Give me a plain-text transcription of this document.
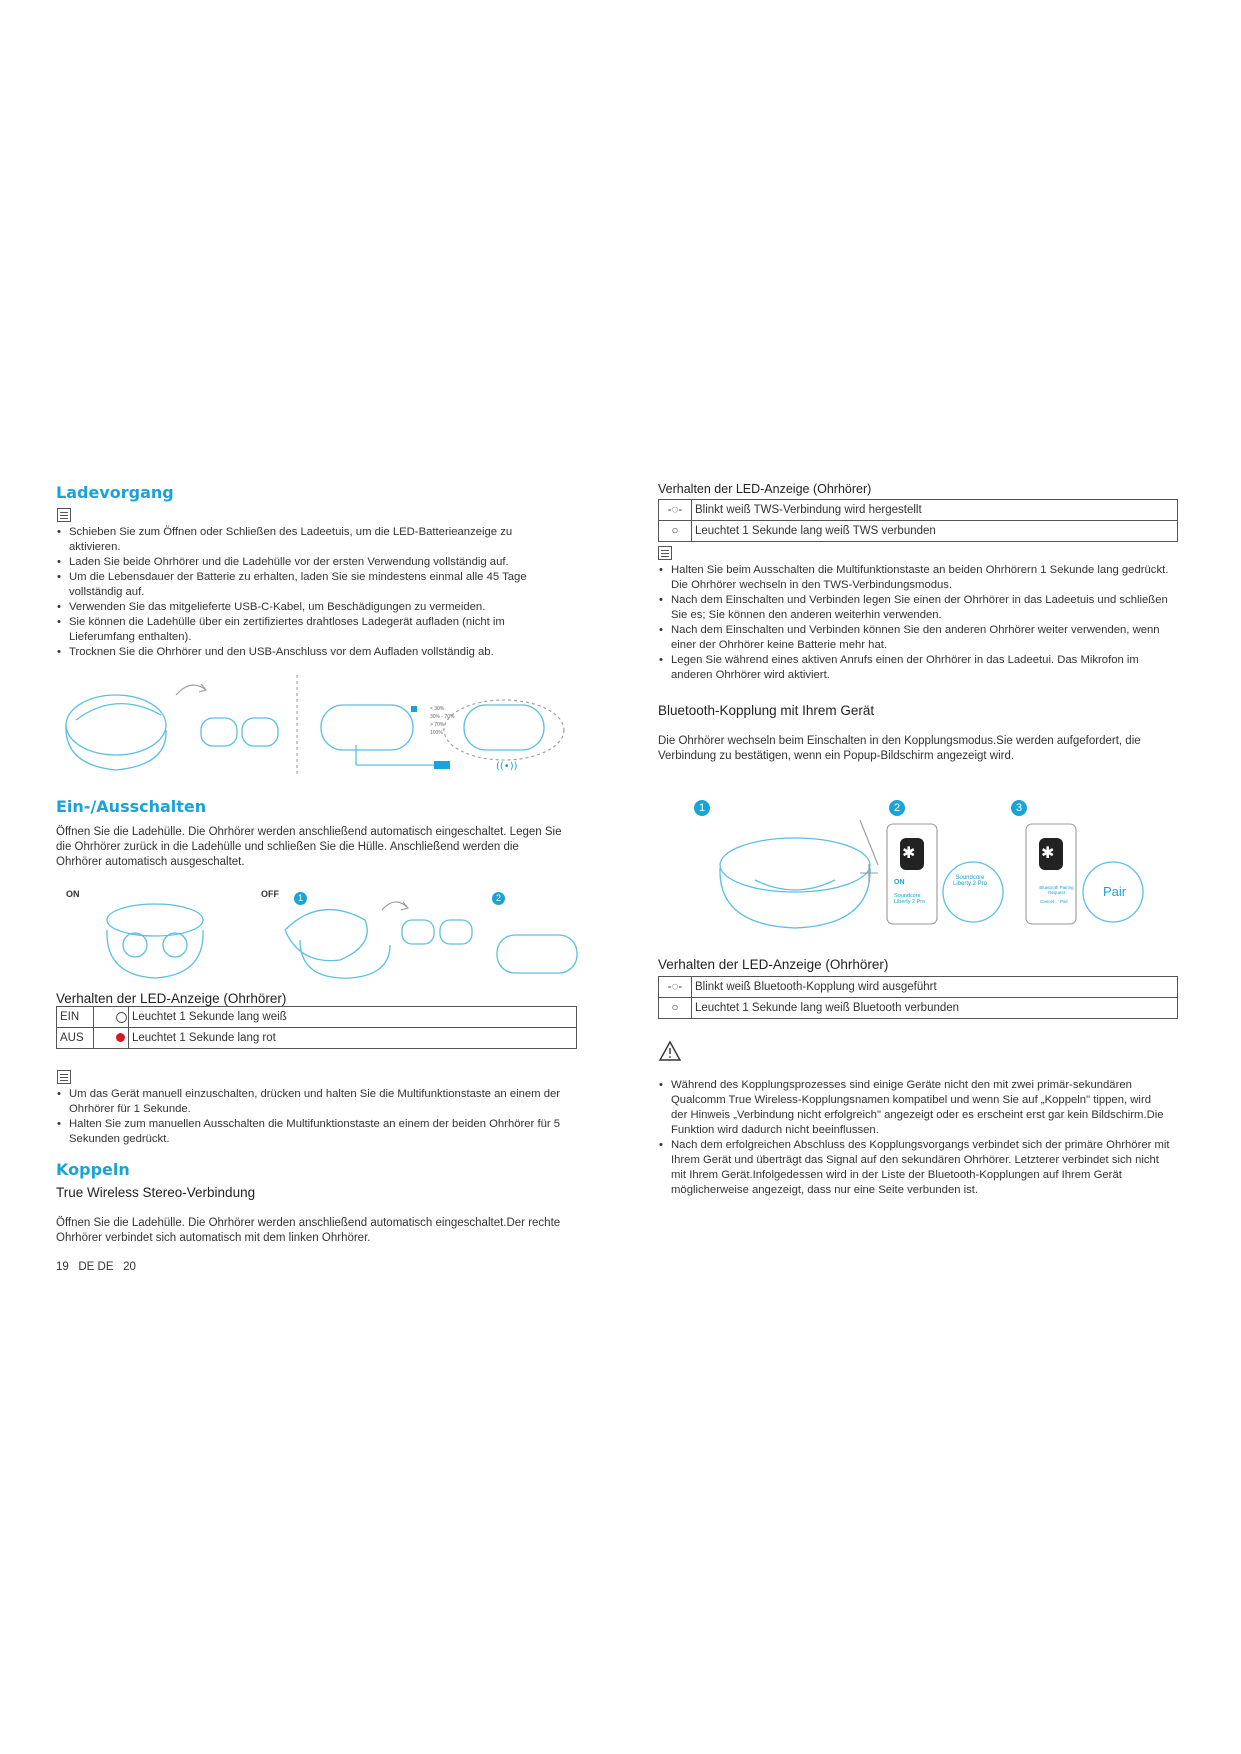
Ladevorgang
• Schieben Sie zum Öffnen oder Schließen des Ladeetuis, um die LED-Batterieanzeige zu aktivieren.
• Laden Sie beide Ohrhörer und die Ladehülle vor der ersten Verwendung vollständig auf.
• Um die Lebensdauer der Batterie zu erhalten, laden Sie sie mindestens einmal alle 45 Tage vollständig auf.
• Verwenden Sie das mitgelieferte USB-C-Kabel, um Beschädigungen zu vermeiden.
• Sie können die Ladehülle über ein zertifiziertes drahtloses Ladegerät aufladen (nicht im Lieferumfang enthalten).
• Trocknen Sie die Ohrhörer und den USB-Anschluss vor dem Aufladen vollständig ab.
((•))
< 30%
30% - 70%
> 70%
100%
Ein-/Ausschalten
Öffnen Sie die Ladehülle. Die Ohrhörer werden anschließend automatisch eingeschaltet. Legen Sie die Ohrhörer zurück in die Ladehülle und schließen Sie die Hülle. Anschließend werden die Ohrhörer automatisch ausgeschaltet.
ON	OFF	1	2
Verhalten der LED-Anzeige (Ohrhörer)
EIN		Leuchtet 1 Sekunde lang weiß
AUS		Leuchtet 1 Sekunde lang rot
• Um das Gerät manuell einzuschalten, drücken und halten Sie die Multifunktionstaste an einem der Ohrhörer für 1 Sekunde.
• Halten Sie zum manuellen Ausschalten die Multifunktionstaste an einem der beiden Ohrhörer für 5 Sekunden gedrückt.
Koppeln
True Wireless Stereo-Verbindung
Öffnen Sie die Ladehülle. Die Ohrhörer werden anschließend automatisch eingeschaltet.Der rechte Ohrhörer verbindet sich automatisch mit dem linken Ohrhörer.
19   DE DE   20
Verhalten der LED-Anzeige (Ohrhörer)
-◌-	Blinkt weiß TWS-Verbindung wird hergestellt
○	Leuchtet 1 Sekunde lang weiß TWS verbunden
• Halten Sie beim Ausschalten die Multifunktionstaste an beiden Ohrhörern 1 Sekunde lang gedrückt. Die Ohrhörer wechseln in den TWS-Verbindungsmodus.
• Nach dem Einschalten und Verbinden legen Sie einen der Ohrhörer in das Ladeetuis und schließen Sie es; Sie können den anderen weiterhin verwenden.
• Nach dem Einschalten und Verbinden können Sie den anderen Ohrhörer weiter verwenden, wenn einer der Ohrhörer keine Batterie mehr hat.
• Legen Sie während eines aktiven Anrufs einen der Ohrhörer in das Ladeetui. Das Mikrofon im anderen Ohrhörer wird aktiviert.
Bluetooth-Kopplung mit Ihrem Gerät
Die Ohrhörer wechseln beim Einschalten in den Kopplungsmodus.Sie werden aufgefordert, die Verbindung zu bestätigen, wenn ein Popup-Bildschirm angezeigt wird.
1	2	3
✱	✱
ON
Soundcore Liberty 2 Pro
Soundcore Liberty 2 Pro
Bluetooth Pairing Request
Cancel Pair
Pair
Verhalten der LED-Anzeige (Ohrhörer)
-◌-	Blinkt weiß Bluetooth-Kopplung wird ausgeführt
○	Leuchtet 1 Sekunde lang weiß Bluetooth verbunden
• Während des Kopplungsprozesses sind einige Geräte nicht den mit zwei primär-sekundären Qualcomm True Wireless-Kopplungsnamen kompatibel und wenn Sie auf „Koppeln" tippen, wird der Hinweis „Verbindung nicht erfolgreich" angezeigt oder es erscheint erst gar kein Bildschirm.Die Funktion wird dadurch nicht beeinflussen.
• Nach dem erfolgreichen Abschluss des Kopplungsvorgangs verbindet sich der primäre Ohrhörer mit Ihrem Gerät und überträgt das Signal auf den sekundären Ohrhörer. Letzterer verbindet sich nicht mit Ihrem Gerät.Infolgedessen wird in der Liste der Bluetooth-Kopplungen auf Ihrem Gerät möglicherweise angezeigt, dass nur eine Seite verbunden ist.
